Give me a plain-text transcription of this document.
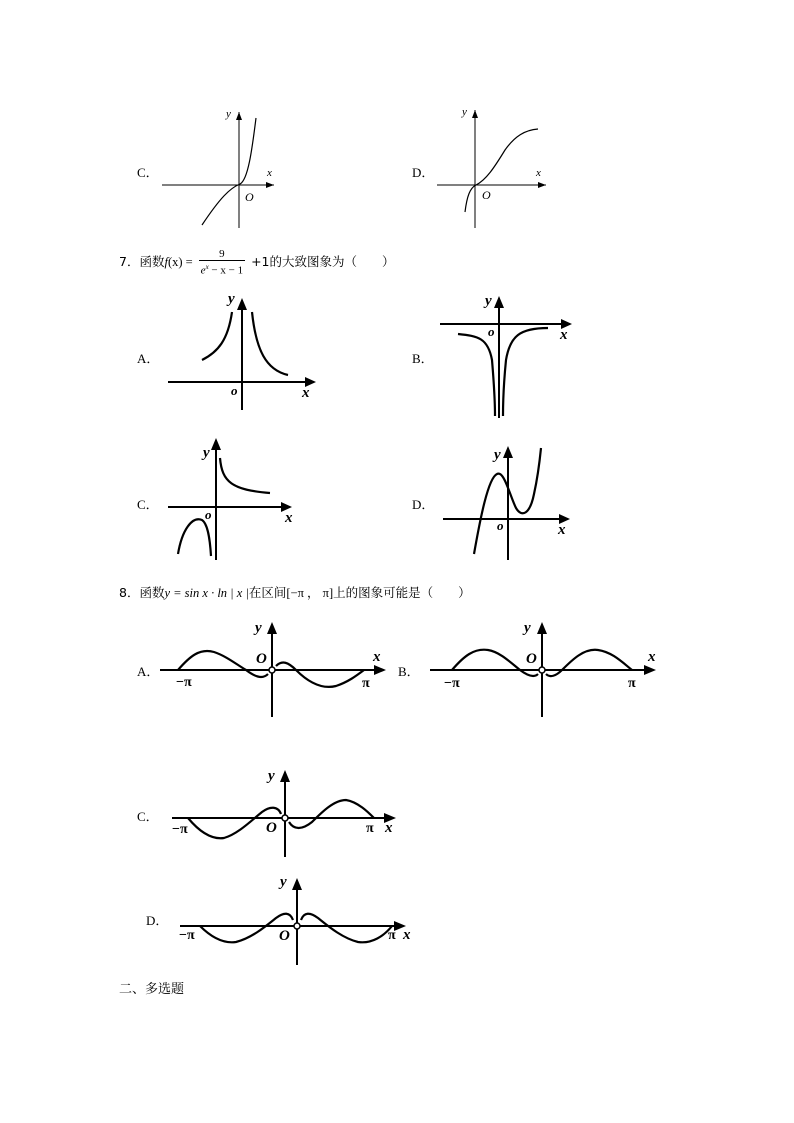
C．
y
x
O
D．
y
x
O
7．函数$f(x) = \frac{9}{e^x - x - 1} +1$的大致图象为（　　）
A．
y
x
o
B．
y
x
o
C．
y
x
o
D．
y
x
o
8．函数y = sin x · ln | x |在区间[−π ， π]上的图象可能是（　　）
A．
y
x
O
−π	π
B．
y
x
O
−π	π
C．
y
x
O
−π	π
D．
y
x
O
−π	π
二、多选题
